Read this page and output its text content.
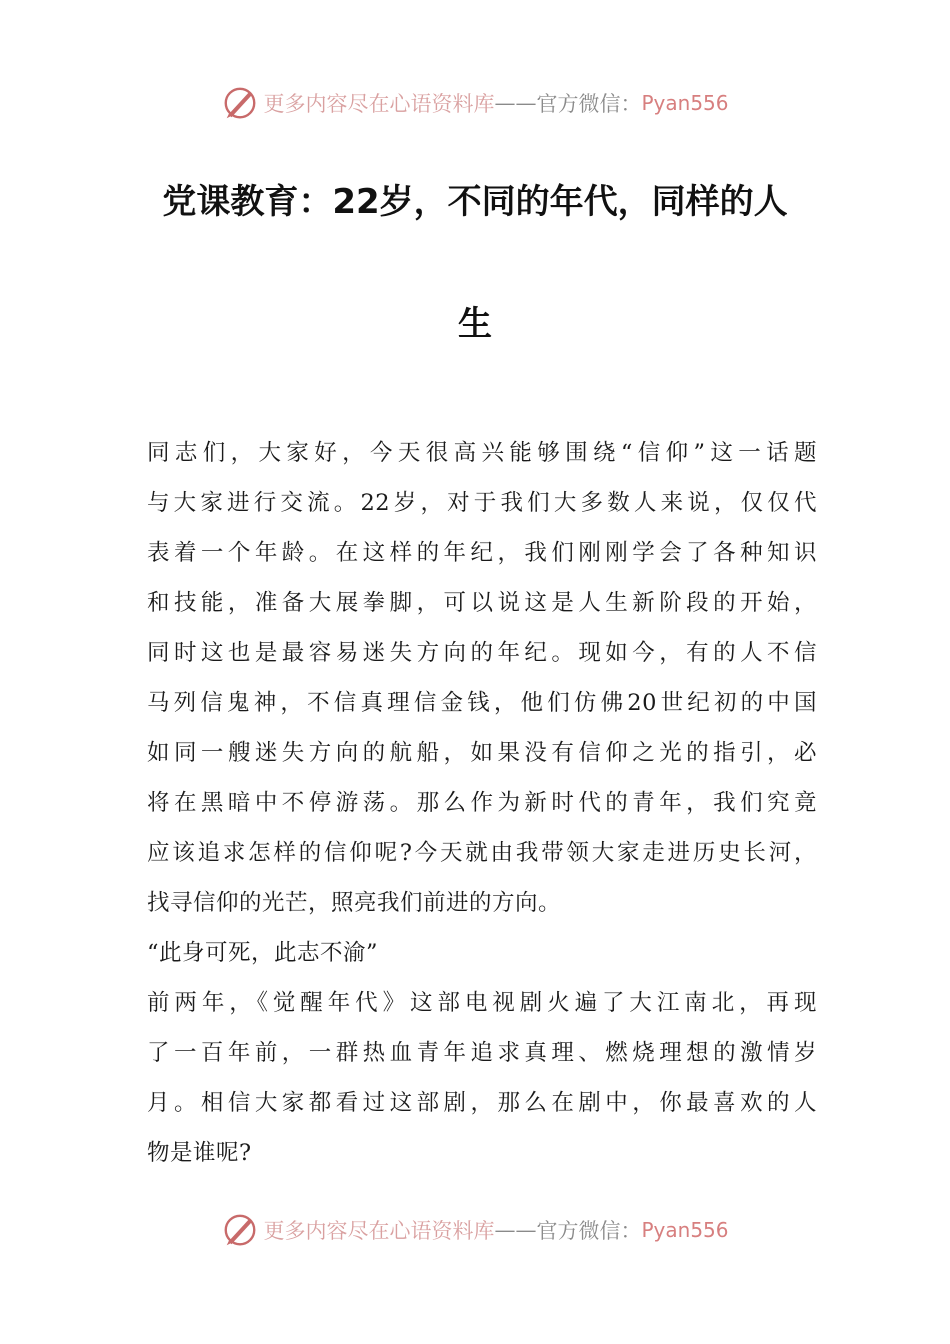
更多内容尽在心语资料库 —— 官方微信： Pyan556
党课教育：22岁，不同的年代，同样的人
生
同志们，大家好，今天很高兴能够围绕“信仰”这一话题
与大家进行交流。22岁，对于我们大多数人来说，仅仅代
表着一个年龄。在这样的年纪，我们刚刚学会了各种知识
和技能，准备大展拳脚，可以说这是人生新阶段的开始，
同时这也是最容易迷失方向的年纪。现如今，有的人不信
马列信鬼神，不信真理信金钱，他们仿佛20世纪初的中国
如同一艘迷失方向的航船，如果没有信仰之光的指引，必
将在黑暗中不停游荡。那么作为新时代的青年，我们究竟
应该追求怎样的信仰呢?今天就由我带领大家走进历史长河，
找寻信仰的光芒，照亮我们前进的方向。
“此身可死，此志不渝”
前两年，《觉醒年代》这部电视剧火遍了大江南北，再现
了一百年前，一群热血青年追求真理、燃烧理想的激情岁
月。相信大家都看过这部剧，那么在剧中，你最喜欢的人
物是谁呢?
更多内容尽在心语资料库 —— 官方微信： Pyan556
